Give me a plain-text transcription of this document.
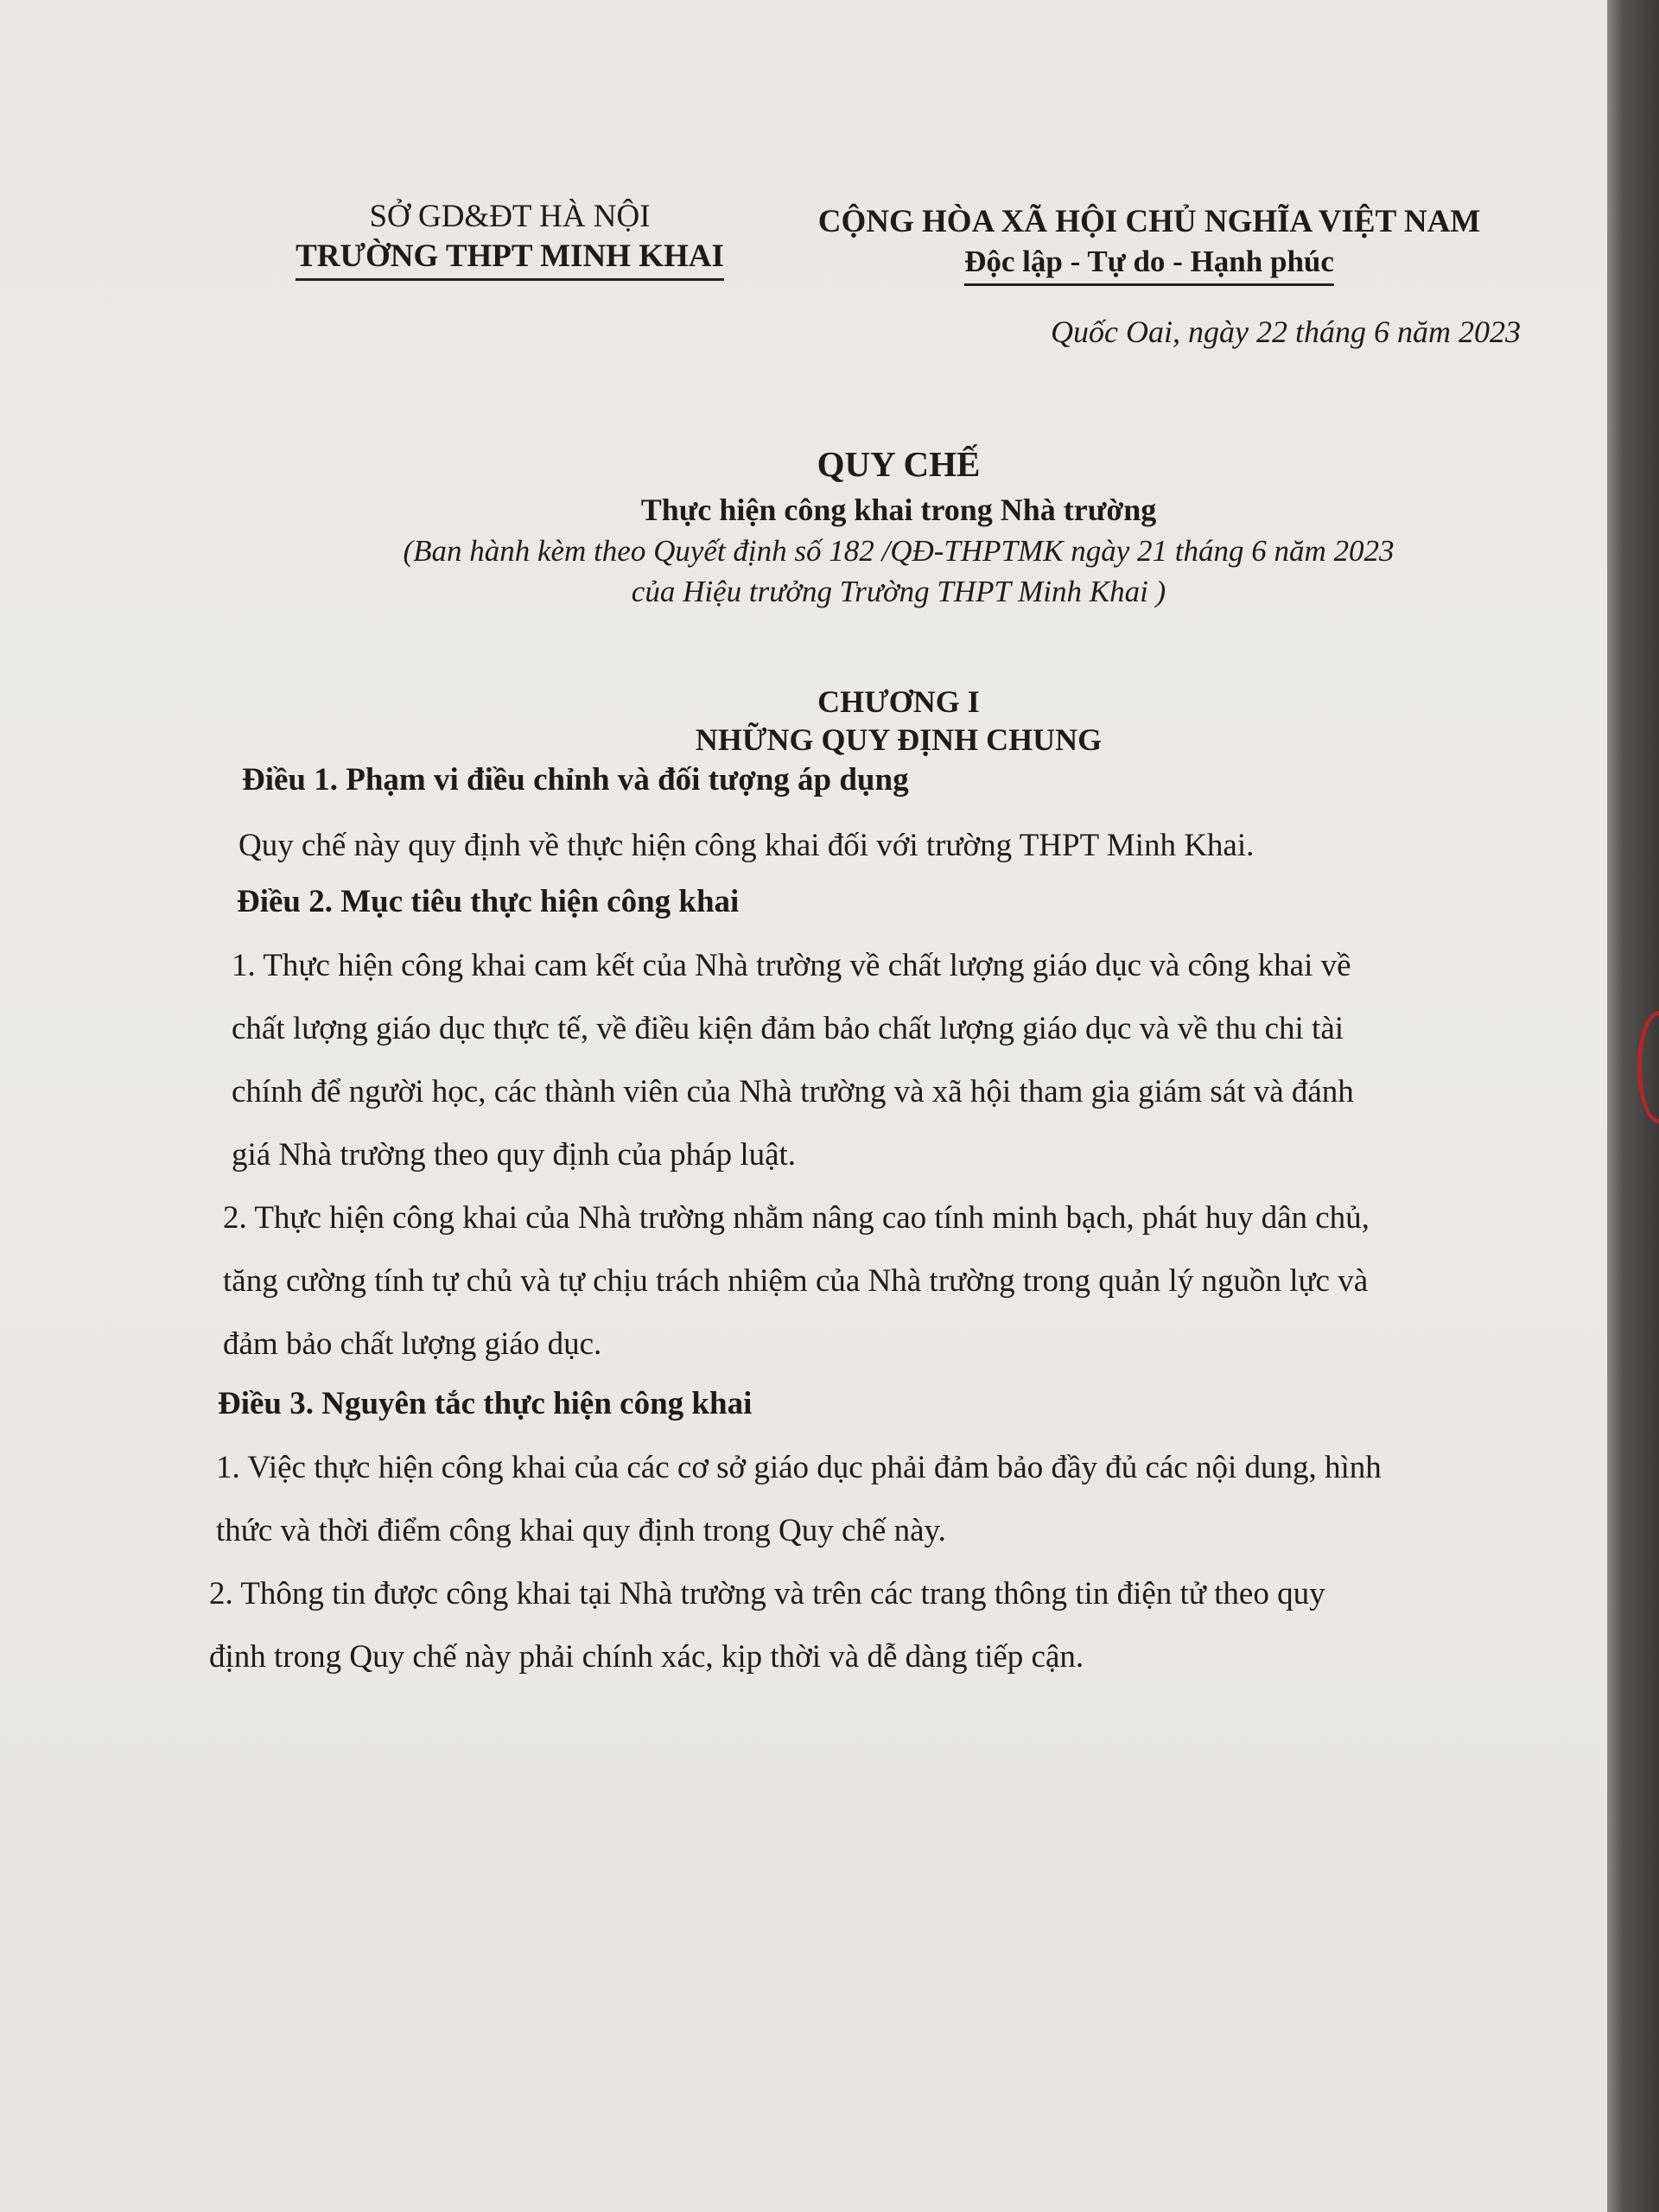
SỞ GD&ĐT HÀ NỘI
TRƯỜNG THPT MINH KHAI
CỘNG HÒA XÃ HỘI CHỦ NGHĨA VIỆT NAM
Độc lập - Tự do - Hạnh phúc
Quốc Oai, ngày 22 tháng 6 năm 2023
QUY CHẾ
Thực hiện công khai trong Nhà trường
(Ban hành kèm theo Quyết định số 182 /QĐ-THPTMK ngày 21 tháng 6 năm 2023
của Hiệu trưởng Trường THPT Minh Khai )
CHƯƠNG I
NHỮNG QUY ĐỊNH CHUNG

Điều 1. Phạm vi điều chỉnh và đối tượng áp dụng

Quy chế này quy định về thực hiện công khai đối với trường THPT Minh Khai.

Điều 2. Mục tiêu thực hiện công khai

1. Thực hiện công khai cam kết của Nhà trường về chất lượng giáo dục và công khai về
chất lượng giáo dục thực tế, về điều kiện đảm bảo chất lượng giáo dục và về thu chi tài
chính để người học, các thành viên của Nhà trường và xã hội tham gia giám sát và đánh
giá Nhà trường theo quy định của pháp luật.

2. Thực hiện công khai của Nhà trường nhằm nâng cao tính minh bạch, phát huy dân chủ,
tăng cường tính tự chủ và tự chịu trách nhiệm của Nhà trường trong quản lý nguồn lực và
đảm bảo chất lượng giáo dục.

Điều 3. Nguyên tắc thực hiện công khai

1. Việc thực hiện công khai của các cơ sở giáo dục phải đảm bảo đầy đủ các nội dung, hình
thức và thời điểm công khai quy định trong Quy chế này.

2. Thông tin được công khai tại Nhà trường và trên các trang thông tin điện tử theo quy
định trong Quy chế này phải chính xác, kịp thời và dễ dàng tiếp cận.
